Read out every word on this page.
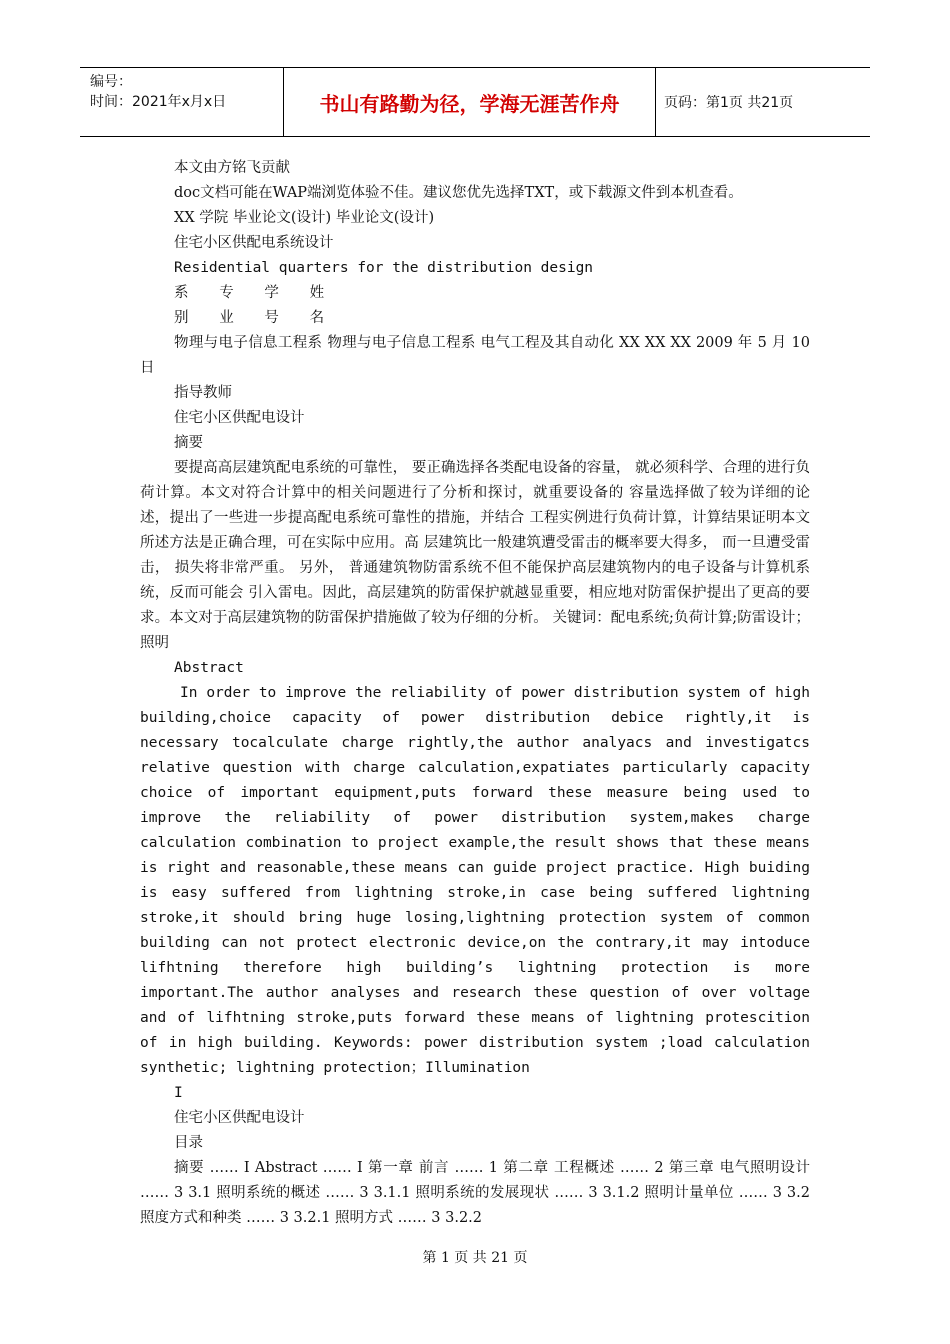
编号：
时间：2021年x月x日	书山有路勤为径，学海无涯苦作舟	页码：第1页 共21页

本文由方铭飞贡献

doc文档可能在WAP端浏览体验不佳。建议您优先选择TXT，或下载源文件到本机查看。

XX 学院 毕业论文(设计) 毕业论文(设计)

住宅小区供配电系统设计

Residential quarters for the distribution design

系 专 学 姓

别 业 号 名

物理与电子信息工程系 物理与电子信息工程系 电气工程及其自动化 XX XX XX 2009 年 5 月 10 日

指导教师

住宅小区供配电设计

摘要

要提高高层建筑配电系统的可靠性， 要正确选择各类配电设备的容量， 就必须科学、合理的进行负荷计算。本文对符合计算中的相关问题进行了分析和探讨，就重要设备的 容量选择做了较为详细的论述，提出了一些进一步提高配电系统可靠性的措施，并结合 工程实例进行负荷计算，计算结果证明本文所述方法是正确合理，可在实际中应用。高 层建筑比一般建筑遭受雷击的概率要大得多， 而一旦遭受雷击， 损失将非常严重。 另外， 普通建筑物防雷系统不但不能保护高层建筑物内的电子设备与计算机系统，反而可能会 引入雷电。因此，高层建筑的防雷保护就越显重要，相应地对防雷保护提出了更高的要 求。本文对于高层建筑物的防雷保护措施做了较为仔细的分析。 关键词：配电系统;负荷计算;防雷设计；照明

Abstract

In order to improve the reliability of power distribution system of high building,choice capacity of power distribution debice rightly,it is necessary tocalculate charge rightly,the author analyacs and investigatcs relative question with charge calculation,expatiates particularly capacity choice of important equipment,puts forward these measure being used to improve the reliability of power distribution system,makes charge calculation combination to project example,the result shows that these means is right and reasonable,these means can guide project practice. High buiding is easy suffered from lightning stroke,in case being suffered lightning stroke,it should bring huge losing,lightning protection system of common building can not protect electronic device,on the contrary,it may intoduce lifhtning therefore high building’s lightning protection is more important.The author analyses and research these question of over voltage and of lifhtning stroke,puts forward these means of lightning protescition of in high building. Keywords: power distribution system ;load calculation synthetic; lightning protection；Illumination

I

住宅小区供配电设计

目录

摘要 …… I Abstract …… I 第一章 前言 …… 1 第二章 工程概述 …… 2 第三章 电气照明设计 …… 3 3.1 照明系统的概述 …… 3 3.1.1 照明系统的发展现状 …… 3 3.1.2 照明计量单位 …… 3 3.2 照度方式和种类 …… 3 3.2.1 照明方式 …… 3 3.2.2

第 1 页 共 21 页
